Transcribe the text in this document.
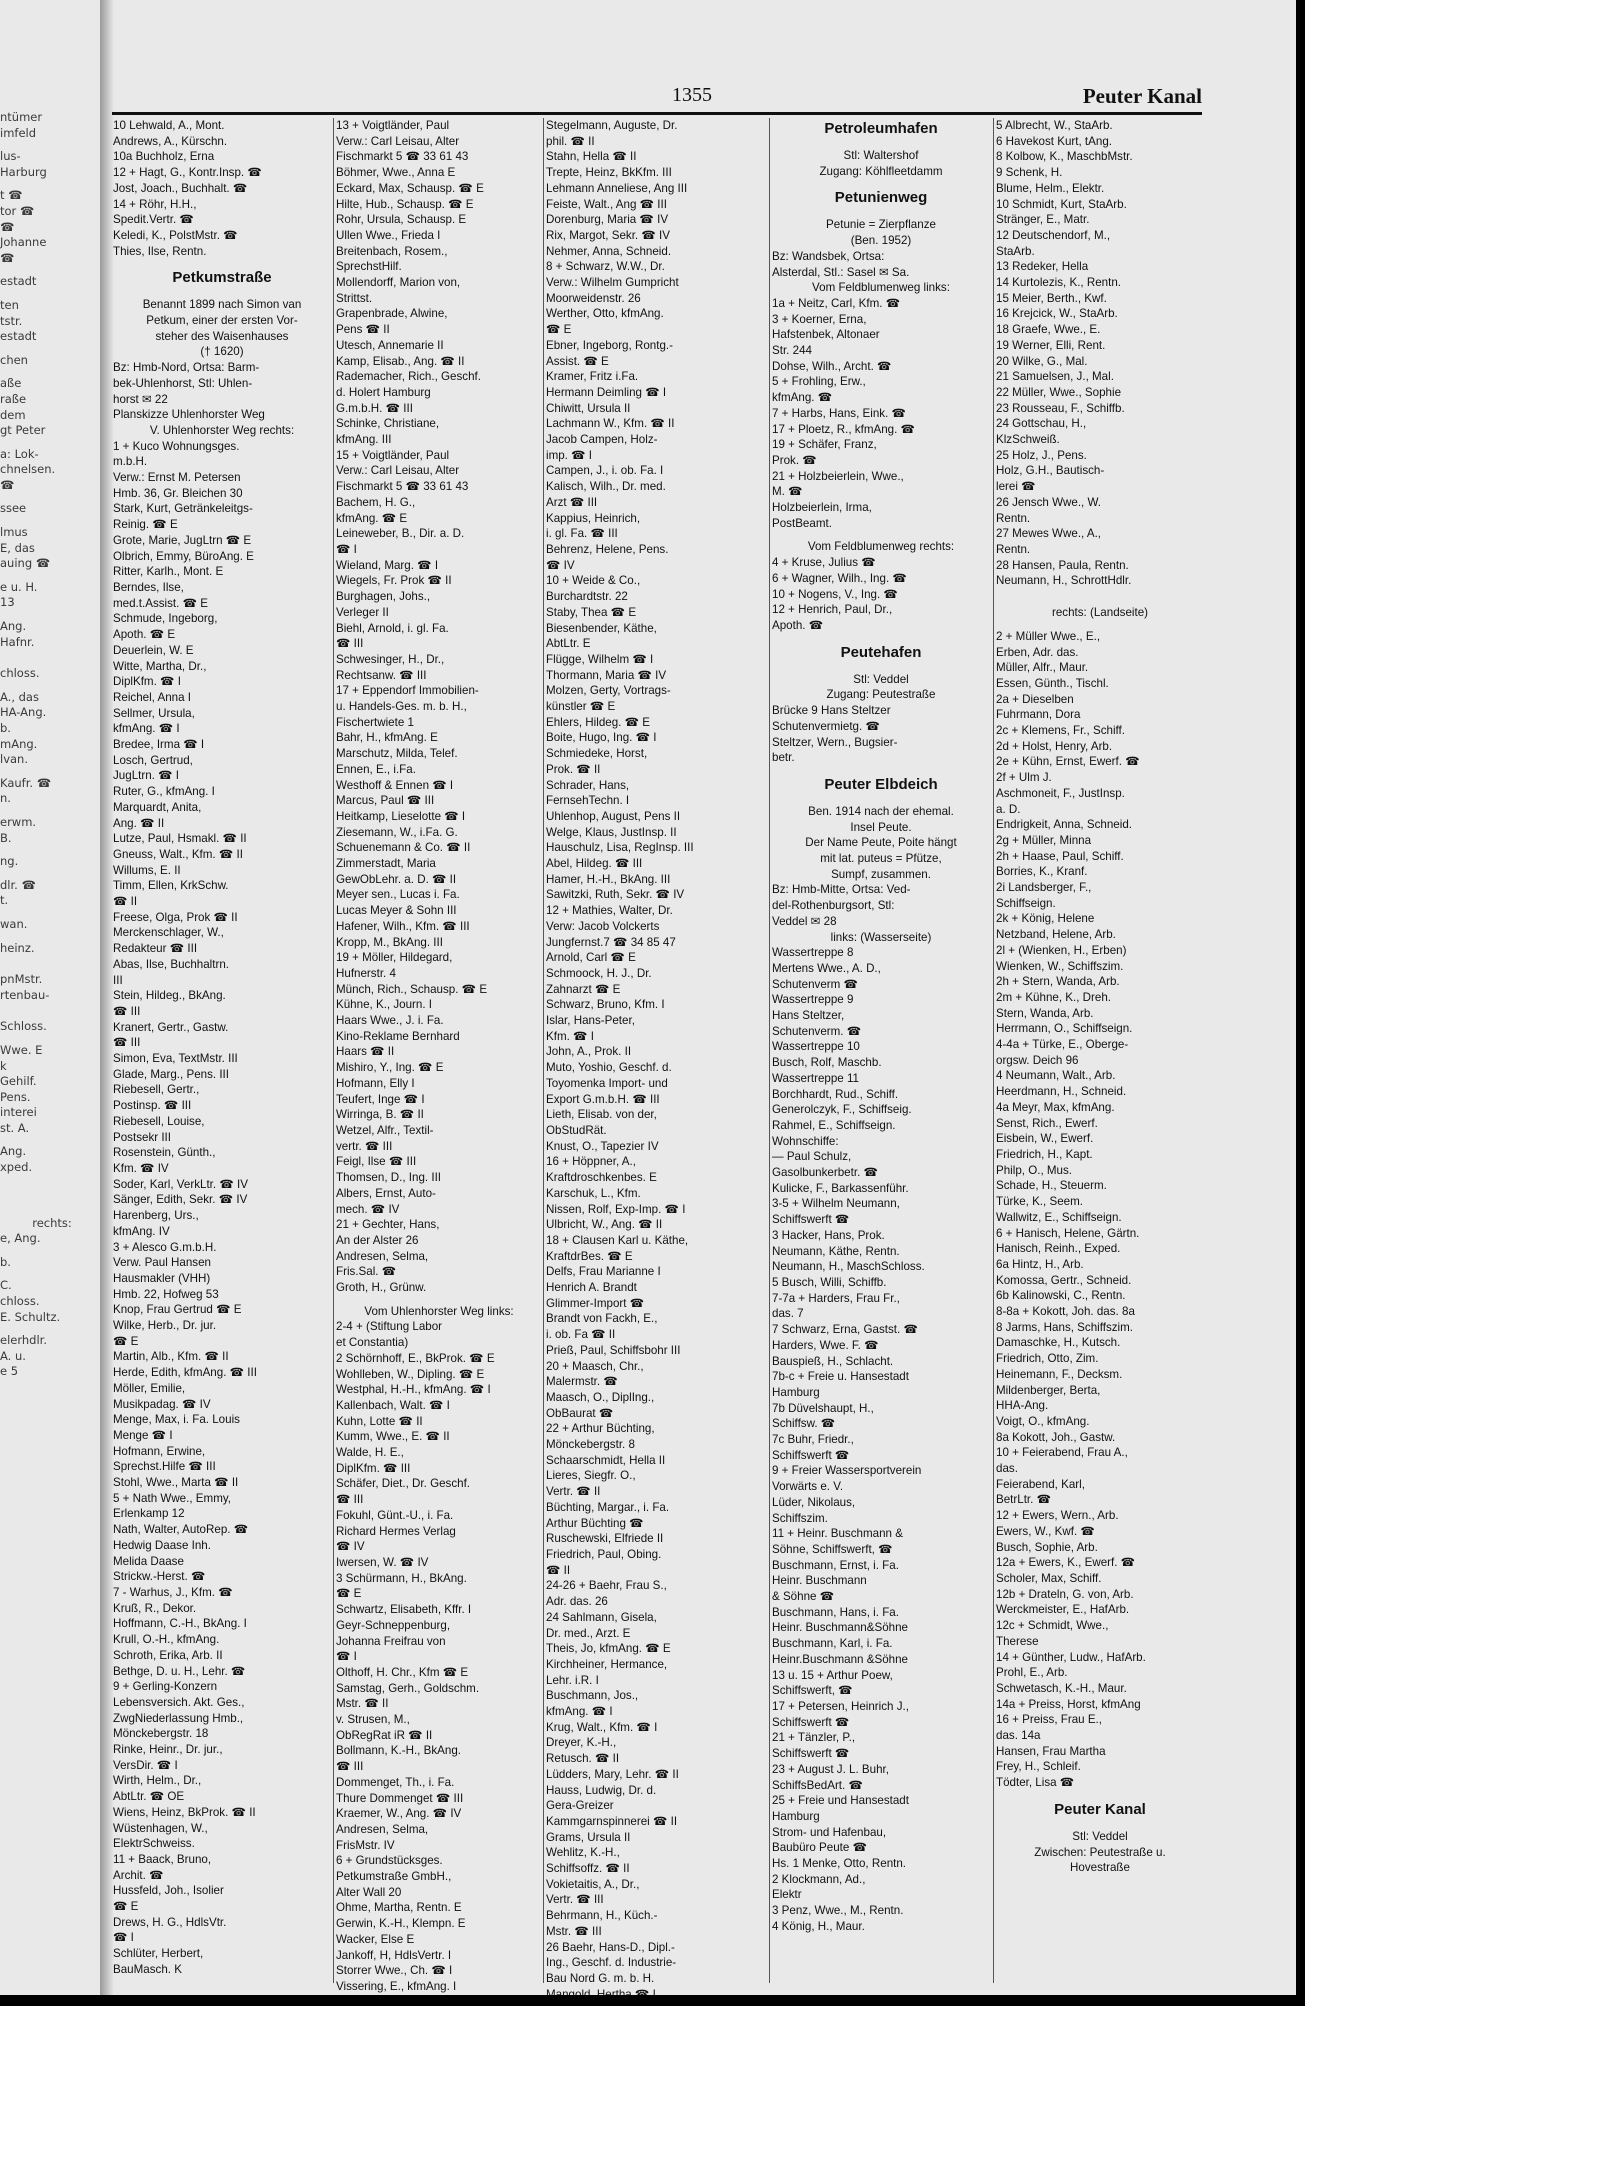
ntümer
imfeld
lus-
Harburg
t ☎
tor ☎
☎
Johanne
☎
estadt
ten
tstr.
estadt
chen
aße
raße
dem
gt Peter
a: Lok-
chnelsen.
☎
ssee
lmus
E, das
auing ☎
e u. H.
13
Ang.
Hafnr.
chloss.
A., das
HA-Ang.
b.
mAng.
lvan.
Kaufr. ☎
n.
erwm.
B.
ng.
dlr. ☎
t.
wan.
heinz.
pnMstr.
rtenbau-
Schloss.
Wwe. E
k
Gehilf.
Pens.
interei
st. A.
Ang.
xped.
rechts:
e, Ang.
b.
C.
chloss.
E. Schultz.
elerhdlr.
A. u.
e 5
1355	Peuter Kanal
10 Lehwald, A., Mont.
Andrews, A., Kürschn.
10a Buchholz, Erna
12 + Hagt, G., Kontr.Insp. ☎
Jost, Joach., Buchhalt. ☎
14 + Röhr, H.H.,
Spedit.Vertr. ☎
Keledi, K., PolstMstr. ☎
Thies, Ilse, Rentn.
Petkumstraße
Benannt 1899 nach Simon van
Petkum, einer der ersten Vor-
steher des Waisenhauses
(† 1620)
Bz: Hmb-Nord, Ortsa: Barm-
bek-Uhlenhorst, Stl: Uhlen-
horst ✉ 22
Planskizze Uhlenhorster Weg
V. Uhlenhorster Weg rechts:
1 + Kuco Wohnungsges.
m.b.H.
Verw.: Ernst M. Petersen
Hmb. 36, Gr. Bleichen 30
Stark, Kurt, Getränkeleitgs-
Reinig. ☎ E
Grote, Marie, JugLtrn ☎ E
Olbrich, Emmy, BüroAng. E
Ritter, Karlh., Mont. E
Berndes, Ilse,
med.t.Assist. ☎ E
Schmude, Ingeborg,
Apoth. ☎ E
Deuerlein, W. E
Witte, Martha, Dr.,
DiplKfm. ☎ I
Reichel, Anna I
Sellmer, Ursula,
kfmAng. ☎ I
Bredee, Irma ☎ I
Losch, Gertrud,
JugLtrn. ☎ I
Ruter, G., kfmAng. I
Marquardt, Anita,
Ang. ☎ II
Lutze, Paul, Hsmakl. ☎ II
Gneuss, Walt., Kfm. ☎ II
Willums, E. II
Timm, Ellen, KrkSchw.
☎ II
Freese, Olga, Prok ☎ II
Merckenschlager, W.,
Redakteur ☎ III
Abas, Ilse, Buchhaltrn.
III
Stein, Hildeg., BkAng.
☎ III
Kranert, Gertr., Gastw.
☎ III
Simon, Eva, TextMstr. III
Glade, Marg., Pens. III
Riebesell, Gertr.,
Postinsp. ☎ III
Riebesell, Louise,
Postsekr III
Rosenstein, Günth.,
Kfm. ☎ IV
Soder, Karl, VerkLtr. ☎ IV
Sänger, Edith, Sekr. ☎ IV
Harenberg, Urs.,
kfmAng. IV
3 + Alesco G.m.b.H.
Verw. Paul Hansen
Hausmakler (VHH)
Hmb. 22, Hofweg 53
Knop, Frau Gertrud ☎ E
Wilke, Herb., Dr. jur.
☎ E
Martin, Alb., Kfm. ☎ II
Herde, Edith, kfmAng. ☎ III
Möller, Emilie,
Musikpadag. ☎ IV
Menge, Max, i. Fa. Louis
Menge ☎ I
Hofmann, Erwine,
Sprechst.Hilfe ☎ III
Stohl, Wwe., Marta ☎ II
5 + Nath Wwe., Emmy,
Erlenkamp 12
Nath, Walter, AutoRep. ☎
Hedwig Daase Inh.
Melida Daase
Strickw.-Herst. ☎
7 - Warhus, J., Kfm. ☎
Kruß, R., Dekor.
Hoffmann, C.-H., BkAng. I
Krull, O.-H., kfmAng.
Schroth, Erika, Arb. II
Bethge, D. u. H., Lehr. ☎
9 + Gerling-Konzern
Lebensversich. Akt. Ges.,
ZwgNiederlassung Hmb.,
Mönckebergstr. 18
Rinke, Heinr., Dr. jur.,
VersDir. ☎ I
Wirth, Helm., Dr.,
AbtLtr. ☎ OE
Wiens, Heinz, BkProk. ☎ II
Wüstenhagen, W.,
ElektrSchweiss.
11 + Baack, Bruno,
Archit. ☎
Hussfeld, Joh., Isolier
☎ E
Drews, H. G., HdlsVtr.
☎ I
Schlüter, Herbert,
BauMasch. K
13 + Voigtländer, Paul
Verw.: Carl Leisau, Alter
Fischmarkt 5 ☎ 33 61 43
Böhmer, Wwe., Anna E
Eckard, Max, Schausp. ☎ E
Hilte, Hub., Schausp. ☎ E
Rohr, Ursula, Schausp. E
Ullen Wwe., Frieda I
Breitenbach, Rosem.,
SprechstHilf.
Mollendorff, Marion von,
Strittst.
Grapenbrade, Alwine,
Pens ☎ II
Utesch, Annemarie II
Kamp, Elisab., Ang. ☎ II
Rademacher, Rich., Geschf.
d. Holert Hamburg
G.m.b.H. ☎ III
Schinke, Christiane,
kfmAng. III
15 + Voigtländer, Paul
Verw.: Carl Leisau, Alter
Fischmarkt 5 ☎ 33 61 43
Bachem, H. G.,
kfmAng. ☎ E
Leineweber, B., Dir. a. D.
☎ I
Wieland, Marg. ☎ I
Wiegels, Fr. Prok ☎ II
Burghagen, Johs.,
Verleger II
Biehl, Arnold, i. gl. Fa.
☎ III
Schwesinger, H., Dr.,
Rechtsanw. ☎ III
17 + Eppendorf Immobilien-
u. Handels-Ges. m. b. H.,
Fischertwiete 1
Bahr, H., kfmAng. E
Marschutz, Milda, Telef.
Ennen, E., i.Fa.
Westhoff & Ennen ☎ I
Marcus, Paul ☎ III
Heitkamp, Lieselotte ☎ I
Ziesemann, W., i.Fa. G.
Schuenemann & Co. ☎ II
Zimmerstadt, Maria
GewObLehr. a. D. ☎ II
Meyer sen., Lucas i. Fa.
Lucas Meyer & Sohn III
Hafener, Wilh., Kfm. ☎ III
Kropp, M., BkAng. III
19 + Möller, Hildegard,
Hufnerstr. 4
Münch, Rich., Schausp. ☎ E
Kühne, K., Journ. I
Haars Wwe., J. i. Fa.
Kino-Reklame Bernhard
Haars ☎ II
Mishiro, Y., Ing. ☎ E
Hofmann, Elly I
Teufert, Inge ☎ I
Wirringa, B. ☎ II
Wetzel, Alfr., Textil-
vertr. ☎ III
Feigl, Ilse ☎ III
Thomsen, D., Ing. III
Albers, Ernst, Auto-
mech. ☎ IV
21 + Gechter, Hans,
An der Alster 26
Andresen, Selma,
Fris.Sal. ☎
Groth, H., Grünw.
Vom Uhlenhorster Weg links:
2-4 + (Stiftung Labor
et Constantia)
2 Schörnhoff, E., BkProk. ☎ E
Wohlleben, W., Dipling. ☎ E
Westphal, H.-H., kfmAng. ☎ I
Kallenbach, Walt. ☎ I
Kuhn, Lotte ☎ II
Kumm, Wwe., E. ☎ II
Walde, H. E.,
DiplKfm. ☎ III
Schäfer, Diet., Dr. Geschf.
☎ III
Fokuhl, Günt.-U., i. Fa.
Richard Hermes Verlag
☎ IV
Iwersen, W. ☎ IV
3 Schürmann, H., BkAng.
☎ E
Schwartz, Elisabeth, Kffr. I
Geyr-Schneppenburg,
Johanna Freifrau von
☎ I
Olthoff, H. Chr., Kfm ☎ E
Samstag, Gerh., Goldschm.
Mstr. ☎ II
v. Strusen, M.,
ObRegRat iR ☎ II
Bollmann, K.-H., BkAng.
☎ III
Dommenget, Th., i. Fa.
Thure Dommenget ☎ III
Kraemer, W., Ang. ☎ IV
Andresen, Selma,
FrisMstr. IV
6 + Grundstücksges.
Petkumstraße GmbH.,
Alter Wall 20
Ohme, Martha, Rentn. E
Gerwin, K.-H., Klempn. E
Wacker, Else E
Jankoff, H, HdlsVertr. I
Storrer Wwe., Ch. ☎ I
Vissering, E., kfmAng. I
Stegelmann, Auguste, Dr.
phil. ☎ II
Stahn, Hella ☎ II
Trepte, Heinz, BkKfm. III
Lehmann Anneliese, Ang III
Feiste, Walt., Ang ☎ III
Dorenburg, Maria ☎ IV
Rix, Margot, Sekr. ☎ IV
Nehmer, Anna, Schneid.
8 + Schwarz, W.W., Dr.
Verw.: Wilhelm Gumpricht
Moorweidenstr. 26
Werther, Otto, kfmAng.
☎ E
Ebner, Ingeborg, Rontg.-
Assist. ☎ E
Kramer, Fritz i.Fa.
Hermann Deimling ☎ I
Chiwitt, Ursula II
Lachmann W., Kfm. ☎ II
Jacob Campen, Holz-
imp. ☎ I
Campen, J., i. ob. Fa. I
Kalisch, Wilh., Dr. med.
Arzt ☎ III
Kappius, Heinrich,
i. gl. Fa. ☎ III
Behrenz, Helene, Pens.
☎ IV
10 + Weide & Co.,
Burchardtstr. 22
Staby, Thea ☎ E
Biesenbender, Käthe,
AbtLtr. E
Flügge, Wilhelm ☎ I
Thormann, Maria ☎ IV
Molzen, Gerty, Vortrags-
künstler ☎ E
Ehlers, Hildeg. ☎ E
Boite, Hugo, Ing. ☎ I
Schmiedeke, Horst,
Prok. ☎ II
Schrader, Hans,
FernsehTechn. I
Uhlenhop, August, Pens II
Welge, Klaus, JustInsp. II
Hauschulz, Lisa, RegInsp. III
Abel, Hildeg. ☎ III
Hamer, H.-H., BkAng. III
Sawitzki, Ruth, Sekr. ☎ IV
12 + Mathies, Walter, Dr.
Verw: Jacob Volckerts
Jungfernst.7 ☎ 34 85 47
Arnold, Carl ☎ E
Schmoock, H. J., Dr.
Zahnarzt ☎ E
Schwarz, Bruno, Kfm. I
Islar, Hans-Peter,
Kfm. ☎ I
John, A., Prok. II
Muto, Yoshio, Geschf. d.
Toyomenka Import- und
Export G.m.b.H. ☎ III
Lieth, Elisab. von der,
ObStudRät.
Knust, O., Tapezier IV
16 + Höppner, A.,
Kraftdroschkenbes. E
Karschuk, L., Kfm.
Nissen, Rolf, Exp-Imp. ☎ I
Ulbricht, W., Ang. ☎ II
18 + Clausen Karl u. Käthe,
KraftdrBes. ☎ E
Delfs, Frau Marianne I
Henrich A. Brandt
Glimmer-Import ☎
Brandt von Fackh, E.,
i. ob. Fa ☎ II
Prieß, Paul, Schiffsbohr III
20 + Maasch, Chr.,
Malermstr. ☎
Maasch, O., DiplIng.,
ObBaurat ☎
22 + Arthur Büchting,
Mönckebergstr. 8
Schaarschmidt, Hella II
Lieres, Siegfr. O.,
Vertr. ☎ II
Büchting, Margar., i. Fa.
Arthur Büchting ☎
Ruschewski, Elfriede II
Friedrich, Paul, Obing.
☎ II
24-26 + Baehr, Frau S.,
Adr. das. 26
24 Sahlmann, Gisela,
Dr. med., Arzt. E
Theis, Jo, kfmAng. ☎ E
Kirchheiner, Hermance,
Lehr. i.R. I
Buschmann, Jos.,
kfmAng. ☎ I
Krug, Walt., Kfm. ☎ I
Dreyer, K.-H.,
Retusch. ☎ II
Lüdders, Mary, Lehr. ☎ II
Hauss, Ludwig, Dr. d.
Gera-Greizer
Kammgarnspinnerei ☎ II
Grams, Ursula II
Wehlitz, K.-H.,
Schiffsoffz. ☎ II
Vokietaitis, A., Dr.,
Vertr. ☎ III
Behrmann, H., Küch.-
Mstr. ☎ III
26 Baehr, Hans-D., Dipl.-
Ing., Geschf. d. Industrie-
Bau Nord G. m. b. H.
Petroleumhafen
Stl: Waltershof
Zugang: Köhlfleetdamm
Petunienweg
Petunie = Zierpflanze
(Ben. 1952)
Bz: Wandsbek, Ortsa:
Alsterdal, Stl.: Sasel ✉ Sa.
Vom Feldblumenweg links:
1a + Neitz, Carl, Kfm. ☎
3 + Koerner, Erna,
Hafstenbek, Altonaer
Str. 244
Dohse, Wilh., Archt. ☎
5 + Frohling, Erw.,
kfmAng. ☎
7 + Harbs, Hans, Eink. ☎
17 + Ploetz, R., kfmAng. ☎
19 + Schäfer, Franz,
Prok. ☎
21 + Holzbeierlein, Wwe.,
M. ☎
Holzbeierlein, Irma,
PostBeamt.
Vom Feldblumenweg rechts:
4 + Kruse, Julius ☎
6 + Wagner, Wilh., Ing. ☎
10 + Nogens, V., Ing. ☎
12 + Henrich, Paul, Dr.,
Apoth. ☎
Peutehafen
Stl: Veddel
Zugang: Peutestraße
Brücke 9 Hans Steltzer
Schutenvermietg. ☎
Steltzer, Wern., Bugsier-
betr.
Peuter Elbdeich
Ben. 1914 nach der ehemal.
Insel Peute.
Der Name Peute, Poite hängt
mit lat. puteus = Pfütze,
Sumpf, zusammen.
Bz: Hmb-Mitte, Ortsa: Ved-
del-Rothenburgsort, Stl:
Veddel ✉ 28
links: (Wasserseite)
Wassertreppe 8
Mertens Wwe., A. D.,
Schutenverm ☎
Wassertreppe 9
Hans Steltzer,
Schutenverm. ☎
Wassertreppe 10
Busch, Rolf, Maschb.
Wassertreppe 11
Borchhardt, Rud., Schiff.
Generolczyk, F., Schiffseig.
Rahmel, E., Schiffseign.
Wohnschiffe:
— Paul Schulz,
Gasolbunkerbetr. ☎
Kulicke, F., Barkassenführ.
3-5 + Wilhelm Neumann,
Schiffswerft ☎
3 Hacker, Hans, Prok.
Neumann, Käthe, Rentn.
Neumann, H., MaschSchloss.
5 Busch, Willi, Schiffb.
7-7a + Harders, Frau Fr.,
das. 7
7 Schwarz, Erna, Gastst. ☎
Harders, Wwe. F. ☎
Bauspieß, H., Schlacht.
7b-c + Freie u. Hansestadt
Hamburg
7b Düvelshaupt, H.,
Schiffsw. ☎
7c Buhr, Friedr.,
Schiffswerft ☎
9 + Freier Wassersportverein
Vorwärts e. V.
Lüder, Nikolaus,
Schiffszim.
11 + Heinr. Buschmann &
Söhne, Schiffswerft, ☎
Buschmann, Ernst, i. Fa.
Heinr. Buschmann
& Söhne ☎
Buschmann, Hans, i. Fa.
Heinr. Buschmann&Söhne
Buschmann, Karl, i. Fa.
Heinr.Buschmann &Söhne
13 u. 15 + Arthur Poew,
Schiffswerft, ☎
17 + Petersen, Heinrich J.,
Schiffswerft ☎
21 + Tänzler, P.,
Schiffswerft ☎
23 + August J. L. Buhr,
SchiffsBedArt. ☎
25 + Freie und Hansestadt
Hamburg
Strom- und Hafenbau,
Baubüro Peute ☎
Hs. 1 Menke, Otto, Rentn.
2 Klockmann, Ad.,
Elektr
3 Penz, Wwe., M., Rentn.
4 König, H., Maur.
5 Albrecht, W., StaArb.
6 Havekost Kurt, tAng.
8 Kolbow, K., MaschbMstr.
9 Schenk, H.
Blume, Helm., Elektr.
10 Schmidt, Kurt, StaArb.
Stränger, E., Matr.
12 Deutschendorf, M.,
StaArb.
13 Redeker, Hella
14 Kurtolezis, K., Rentn.
15 Meier, Berth., Kwf.
16 Krejcick, W., StaArb.
18 Graefe, Wwe., E.
19 Werner, Elli, Rent.
20 Wilke, G., Mal.
21 Samuelsen, J., Mal.
22 Müller, Wwe., Sophie
23 Rousseau, F., Schiffb.
24 Gottschau, H.,
KlzSchweiß.
25 Holz, J., Pens.
Holz, G.H., Bautisch-
lerei ☎
26 Jensch Wwe., W.
Rentn.
27 Mewes Wwe., A.,
Rentn.
28 Hansen, Paula, Rentn.
Neumann, H., SchrottHdlr.
rechts: (Landseite)
2 + Müller Wwe., E.,
Erben, Adr. das.
Müller, Alfr., Maur.
Essen, Günth., Tischl.
2a + Dieselben
Fuhrmann, Dora
2c + Klemens, Fr., Schiff.
2d + Holst, Henry, Arb.
2e + Kühn, Ernst, Ewerf. ☎
2f + Ulm J.
Aschmoneit, F., JustInsp.
a. D.
Endrigkeit, Anna, Schneid.
2g + Müller, Minna
2h + Haase, Paul, Schiff.
Borries, K., Kranf.
2i Landsberger, F.,
Schiffseign.
2k + König, Helene
Netzband, Helene, Arb.
2l + (Wienken, H., Erben)
Wienken, W., Schiffszim.
2h + Stern, Wanda, Arb.
2m + Kühne, K., Dreh.
Stern, Wanda, Arb.
Herrmann, O., Schiffseign.
4-4a + Türke, E., Oberge-
orgsw. Deich 96
4 Neumann, Walt., Arb.
Heerdmann, H., Schneid.
4a Meyr, Max, kfmAng.
Senst, Rich., Ewerf.
Eisbein, W., Ewerf.
Friedrich, H., Kapt.
Philp, O., Mus.
Schade, H., Steuerm.
Türke, K., Seem.
Wallwitz, E., Schiffseign.
6 + Hanisch, Helene, Gärtn.
Hanisch, Reinh., Exped.
6a Hintz, H., Arb.
Komossa, Gertr., Schneid.
6b Kalinowski, C., Rentn.
8-8a + Kokott, Joh. das. 8a
8 Jarms, Hans, Schiffszim.
Damaschke, H., Kutsch.
Friedrich, Otto, Zim.
Heinemann, F., Decksm.
Mildenberger, Berta,
HHA-Ang.
Voigt, O., kfmAng.
8a Kokott, Joh., Gastw.
10 + Feierabend, Frau A.,
das.
Feierabend, Karl,
BetrLtr. ☎
12 + Ewers, Wern., Arb.
Ewers, W., Kwf. ☎
Busch, Sophie, Arb.
12a + Ewers, K., Ewerf. ☎
Scholer, Max, Schiff.
12b + Drateln, G. von, Arb.
Werckmeister, E., HafArb.
12c + Schmidt, Wwe.,
Therese
14 + Günther, Ludw., HafArb.
Prohl, E., Arb.
Schwetasch, K.-H., Maur.
14a + Preiss, Horst, kfmAng
16 + Preiss, Frau E.,
das. 14a
Hansen, Frau Martha
Frey, H., Schleif.
Tödter, Lisa ☎
Peuter Kanal
Stl: Veddel
Zwischen: Peutestraße u.
Hovestraße
